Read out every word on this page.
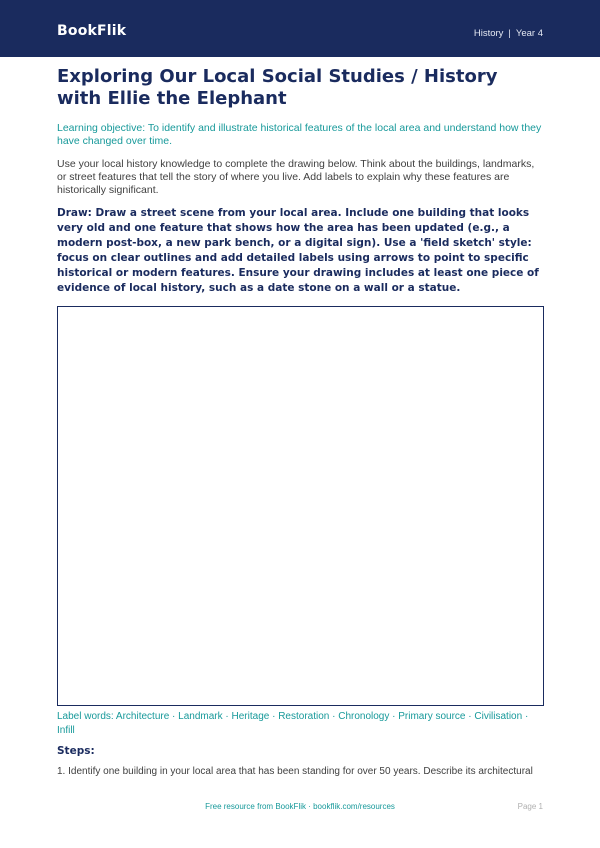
BookFlik	History | Year 4
Exploring Our Local Social Studies / History with Ellie the Elephant

Learning objective: To identify and illustrate historical features of the local area and understand how they have changed over time.

Use your local history knowledge to complete the drawing below. Think about the buildings, landmarks, or street features that tell the story of where you live. Add labels to explain why these features are historically significant.

Draw: Draw a street scene from your local area. Include one building that looks very old and one feature that shows how the area has been updated (e.g., a modern post-box, a new park bench, or a digital sign). Use a 'field sketch' style: focus on clear outlines and add detailed labels using arrows to point to specific historical or modern features. Ensure your drawing includes at least one piece of evidence of local history, such as a date stone on a wall or a statue.

Label words: Architecture · Landmark · Heritage · Restoration · Chronology · Primary source · Civilisation · Infill

Steps:

1. Identify one building in your local area that has been standing for over 50 years. Describe its architectural

Free resource from BookFlik · bookflik.com/resources	Page 1
